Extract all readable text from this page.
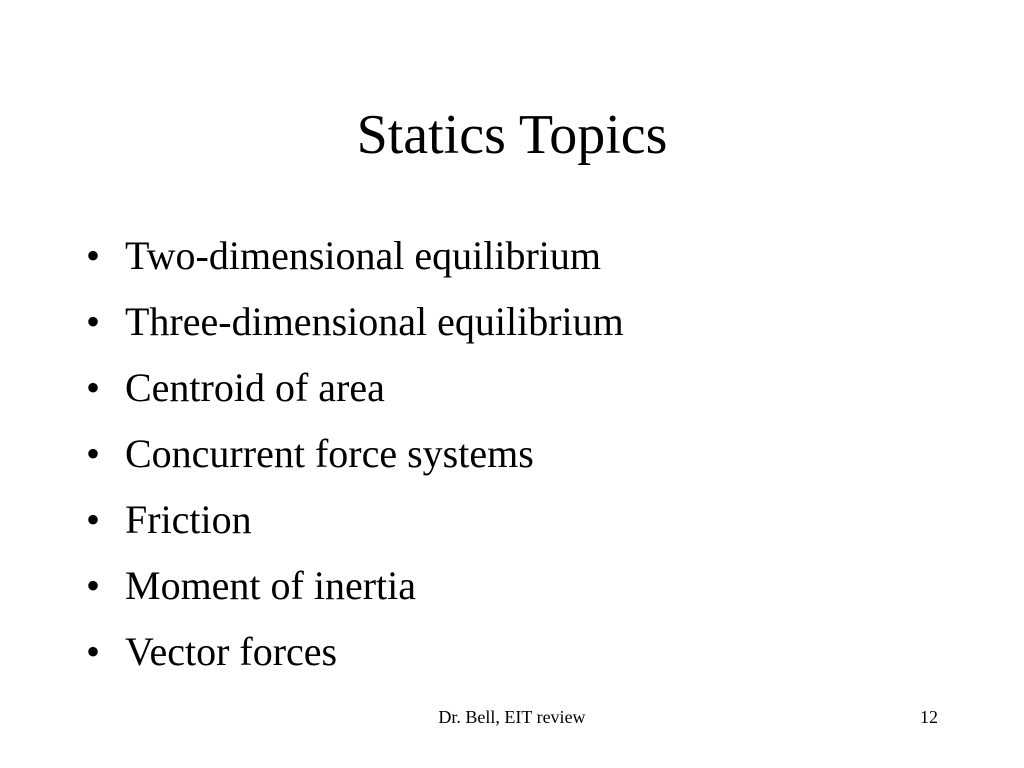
Statics Topics
• Two-dimensional equilibrium
• Three-dimensional equilibrium
• Centroid of area
• Concurrent force systems
• Friction
• Moment of inertia
• Vector forces
Dr. Bell, EIT review	12
